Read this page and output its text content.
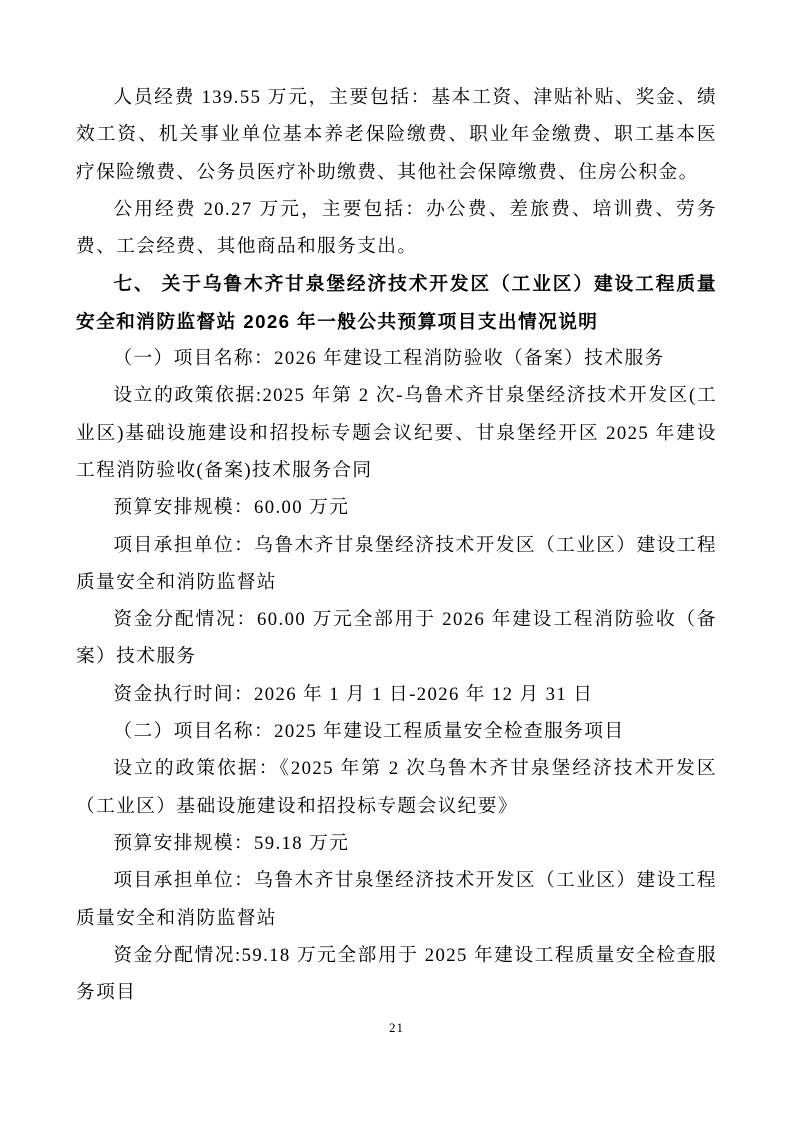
人员经费 139.55 万元，主要包括：基本工资、津贴补贴、奖金、绩效工资、机关事业单位基本养老保险缴费、职业年金缴费、职工基本医疗保险缴费、公务员医疗补助缴费、其他社会保障缴费、住房公积金。

公用经费 20.27 万元，主要包括：办公费、差旅费、培训费、劳务费、工会经费、其他商品和服务支出。

七、 关于乌鲁木齐甘泉堡经济技术开发区（工业区）建设工程质量安全和消防监督站 2026 年一般公共预算项目支出情况说明

（一）项目名称：2026 年建设工程消防验收（备案）技术服务

设立的政策依据:2025 年第 2 次-乌鲁术齐甘泉堡经济技术开发区(工业区)基础设施建设和招投标专题会议纪要、甘泉堡经开区 2025 年建设工程消防验收(备案)技术服务合同

预算安排规模：60.00 万元

项目承担单位：乌鲁木齐甘泉堡经济技术开发区（工业区）建设工程质量安全和消防监督站

资金分配情况：60.00 万元全部用于 2026 年建设工程消防验收（备案）技术服务

资金执行时间：2026 年 1 月 1 日-2026 年 12 月 31 日

（二）项目名称：2025 年建设工程质量安全检查服务项目

设立的政策依据：《2025 年第 2 次乌鲁木齐甘泉堡经济技术开发区（工业区）基础设施建设和招投标专题会议纪要》

预算安排规模：59.18 万元

项目承担单位：乌鲁木齐甘泉堡经济技术开发区（工业区）建设工程质量安全和消防监督站

资金分配情况:59.18 万元全部用于 2025 年建设工程质量安全检查服务项目

21
